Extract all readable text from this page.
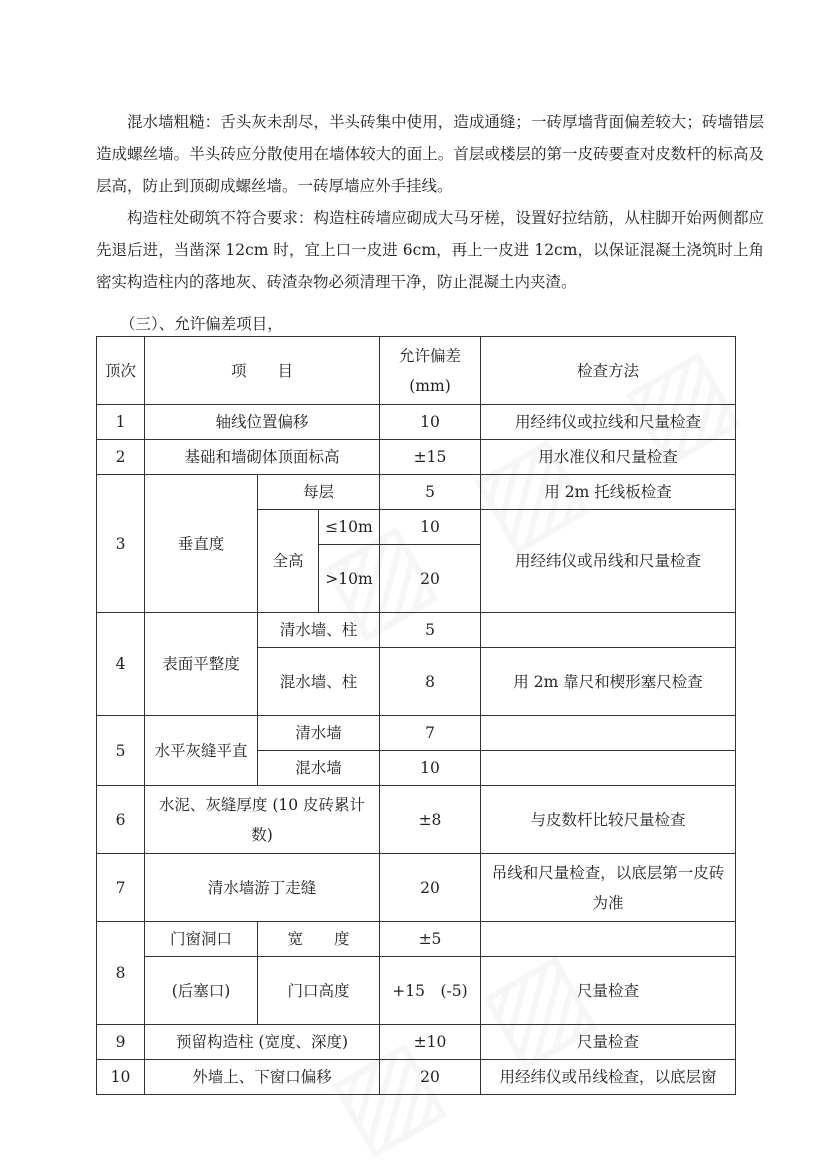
混水墙粗糙：舌头灰未刮尽，半头砖集中使用，造成通缝；一砖厚墙背面偏差较大；砖墙错层造成螺丝墙。半头砖应分散使用在墙体较大的面上。首层或楼层的第一皮砖要查对皮数杆的标高及层高，防止到顶砌成螺丝墙。一砖厚墙应外手挂线。

构造柱处砌筑不符合要求：构造柱砖墙应砌成大马牙槎，设置好拉结筋，从柱脚开始两侧都应先退后进，当凿深 12cm 时，宜上口一皮进 6cm，再上一皮进 12cm，以保证混凝土浇筑时上角密实构造柱内的落地灰、砖渣杂物必须清理干净，防止混凝土内夹渣。

（三）、允许偏差项目，

顶次	项　　目			允许偏差(mm)	检查方法
1	轴线位置偏移			10	用经纬仪或拉线和尺量检查
2	基础和墙砌体顶面标高			±15	用水准仪和尺量检查
3	垂直度	每层		5	用 2m 托线板检查
		全高	≤10m	10	用经纬仪或吊线和尺量检查
			>10m	20	
4	表面平整度	清水墙、柱		5	
		混水墙、柱		8	用 2m 靠尺和楔形塞尺检查
5	水平灰缝平直	清水墙		7	
		混水墙		10	
6	水泥、灰缝厚度 (10 皮砖累计数)			±8	与皮数杆比较尺量检查
7	清水墙游丁走缝			20	吊线和尺量检查，以底层第一皮砖为准
8	门窗洞口	宽　　度		±5	
	(后塞口)	门口高度		+15　(-5)	尺量检查
9	预留构造柱 (宽度、深度)			±10	尺量检查
10	外墙上、下窗口偏移			20	用经纬仪或吊线检查，以底层窗
